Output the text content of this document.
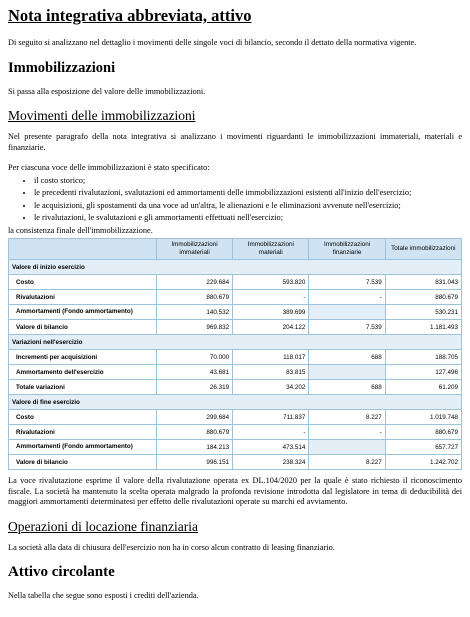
Nota integrativa abbreviata, attivo

Di seguito si analizzano nel dettaglio i movimenti delle singole voci di bilancio, secondo il dettato della normativa vigente.

Immobilizzazioni

Si passa alla esposizione del valore delle immobilizzazioni.

Movimenti delle immobilizzazioni

Nel presente paragrafo della nota integrativa si analizzano i movimenti riguardanti le immobilizzazioni immateriali, materiali e finanziarie.

Per ciascuna voce delle immobilizzazioni è stato specificato:

• il costo storico;
• le precedenti rivalutazioni, svalutazioni ed ammortamenti delle immobilizzazioni esistenti all'inizio dell'esercizio;
• le acquisizioni, gli spostamenti da una voce ad un'altra, le alienazioni e le eliminazioni avvenute nell'esercizio;
• le rivalutazioni, le svalutazioni e gli ammortamenti effettuati nell'esercizio;

la consistenza finale dell'immobilizzazione.

	Immobilizzazioni immateriali	Immobilizzazioni materiali	Immobilizzazioni finanziarie	Totale immobilizzazioni
Valore di inizio esercizio				
Costo	229.684	593.820	7.539	831.043
Rivalutazioni	880.679	-	-	880.679
Ammortamenti (Fondo ammortamento)	140.532	389.699		530.231
Valore di bilancio	969.832	204.122	7.539	1.181.493
Variazioni nell'esercizio				
Incrementi per acquisizioni	70.000	118.017	688	188.705
Ammortamento dell'esercizio	43.681	83.815		127.496
Totale variazioni	26.319	34.202	688	61.209
Valore di fine esercizio				
Costo	299.684	711.837	8.227	1.019.748
Rivalutazioni	880.679	-	-	880.679
Ammortamenti (Fondo ammortamento)	184.213	473.514		657.727
Valore di bilancio	996.151	238.324	8.227	1.242.702

La voce rivalutazione esprime il valore della rivalutazione operata ex DL.104/2020 per la quale è stato richiesto il riconoscimento fiscale. La società ha mantenuto la scelta operata malgrado la profonda revisione introdotta dal legislatore in tema di deducibilità dei maggiori ammortamenti determinatesi per effetto delle rivalutazioni operate su marchi ed avviamento.

Operazioni di locazione finanziaria

La società alla data di chiusura dell'esercizio non ha in corso alcun contratto di leasing finanziario.

Attivo circolante

Nella tabella che segue sono esposti i crediti dell'azienda.
